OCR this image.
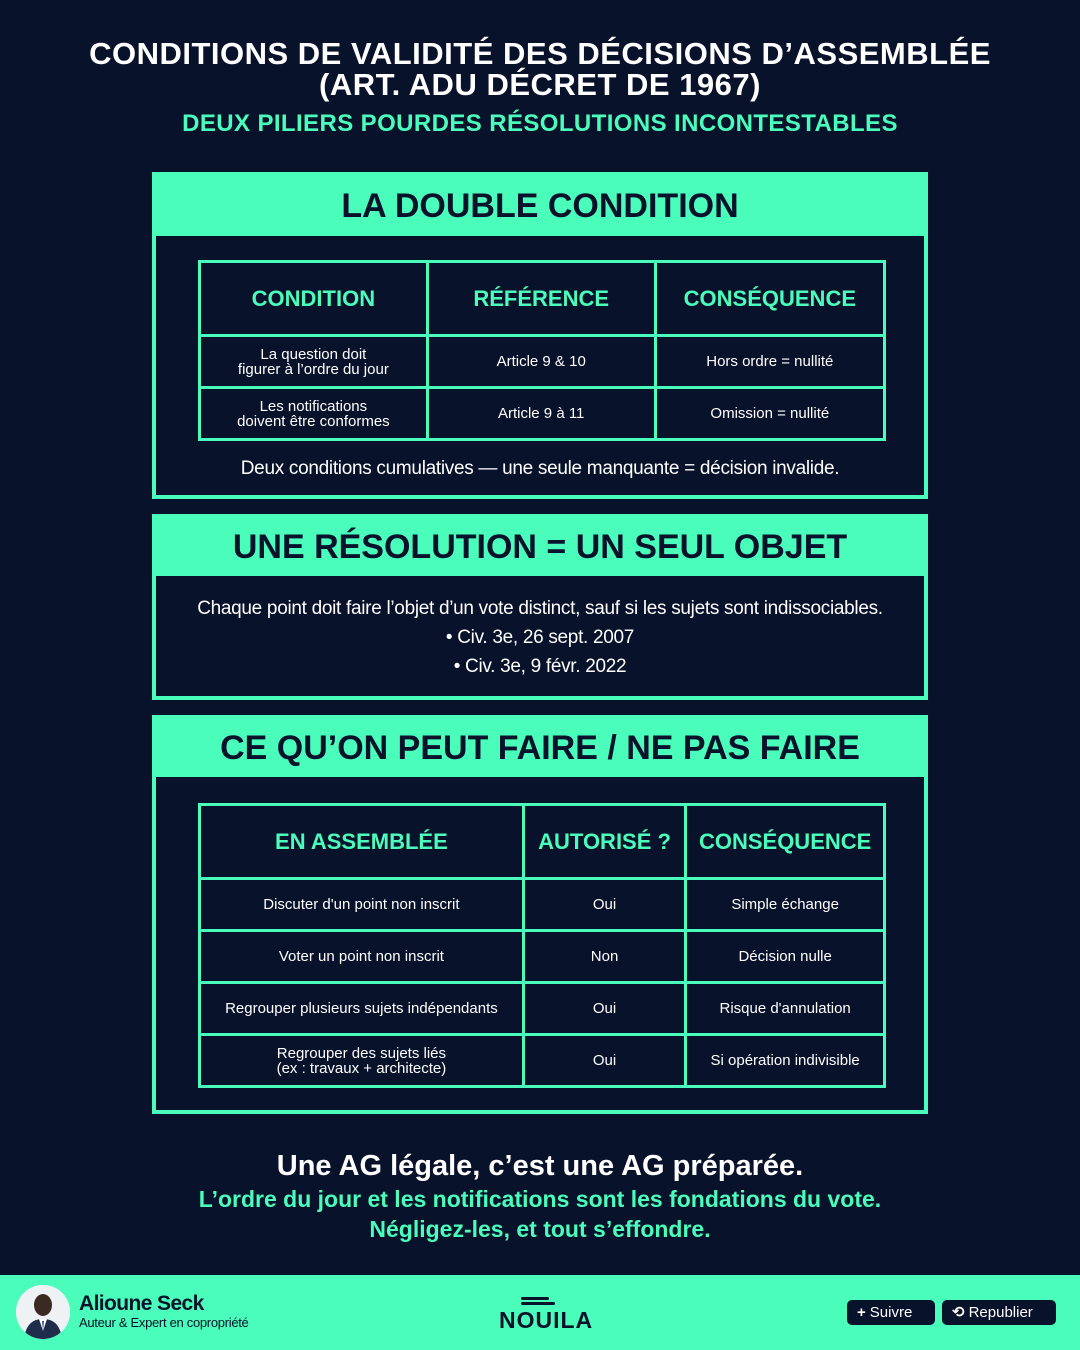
CONDITIONS DE VALIDITÉ DES DÉCISIONS D’ASSEMBLÉE
(ART. ADU DÉCRET DE 1967)
DEUX PILIERS POURDES RÉSOLUTIONS INCONTESTABLES
LA DOUBLE CONDITION
CONDITION	RÉFÉRENCE	CONSÉQUENCE

La question doit
figurer à l’ordre du jour	Article 9 & 10	Hors ordre = nullité

Les notifications
doivent être conformes	Article 9 à 11	Omission = nullité
Deux conditions cumulatives — une seule manquante = décision invalide.
UNE RÉSOLUTION = UN SEUL OBJET
Chaque point doit faire l’objet d’un vote distinct, sauf si les sujets sont indissociables.
• Civ. 3e, 26 sept. 2007
• Civ. 3e, 9 févr. 2022
CE QU’ON PEUT FAIRE / NE PAS FAIRE
EN ASSEMBLÉE	AUTORISÉ ?	CONSÉQUENCE
Discuter d'un point non inscrit	Oui	Simple échange
Voter un point non inscrit	Non	Décision nulle
Regrouper plusieurs sujets indépendants	Oui	Risque d'annulation

Regrouper des sujets liés
(ex : travaux + architecte)	Oui	Si opération indivisible
Une AG légale, c’est une AG préparée.
L’ordre du jour et les notifications sont les fondations du vote.
Négligez-les, et tout s’effondre.
Alioune Seck
Auteur & Expert en copropriété	NOUILA	+ Suivre	⟲ Republier
